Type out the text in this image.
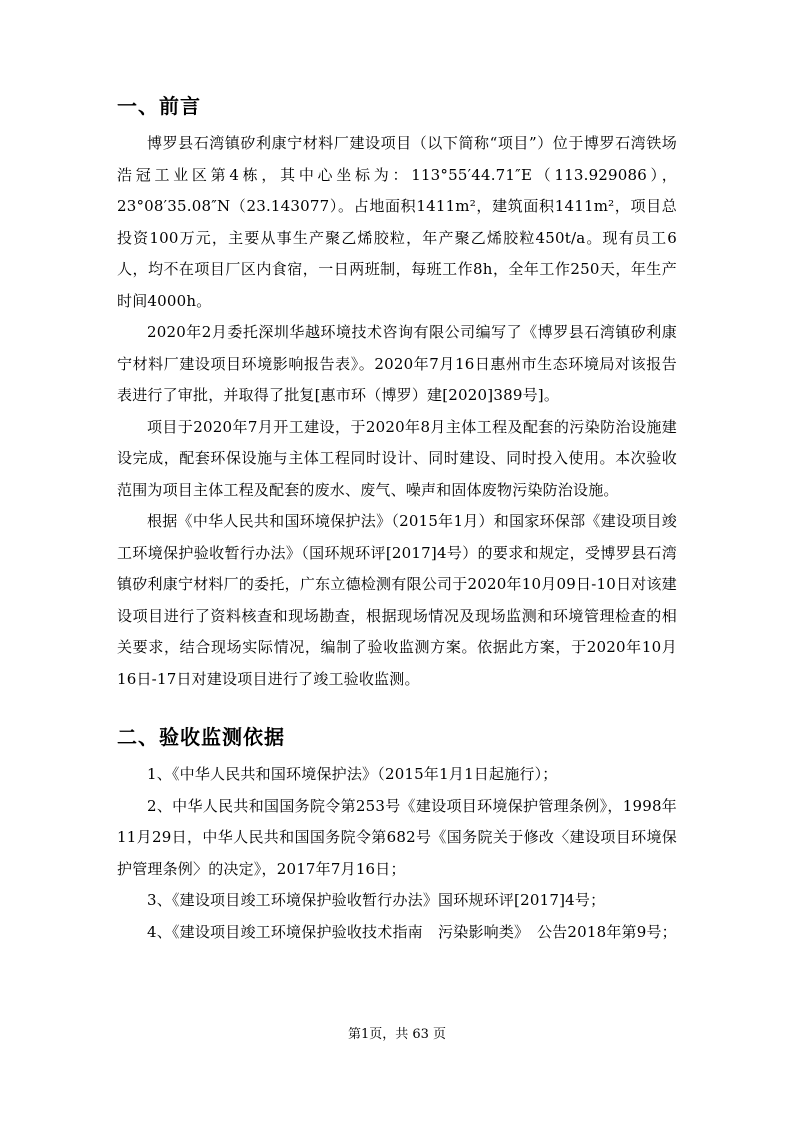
一、前言

博罗县石湾镇矽利康宁材料厂建设项目（以下简称“项目”）位于博罗石湾铁场浩冠工业区第4栋，其中心坐标为：113°55′44.71″E（113.929086），23°08′35.08″N（23.143077）。占地面积1411m²，建筑面积1411m²，项目总投资100万元，主要从事生产聚乙烯胶粒，年产聚乙烯胶粒450t/a。现有员工6人，均不在项目厂区内食宿，一日两班制，每班工作8h，全年工作250天，年生产时间4000h。

2020年2月委托深圳华越环境技术咨询有限公司编写了《博罗县石湾镇矽利康宁材料厂建设项目环境影响报告表》。2020年7月16日惠州市生态环境局对该报告表进行了审批，并取得了批复[惠市环（博罗）建[2020]389号]。

项目于2020年7月开工建设，于2020年8月主体工程及配套的污染防治设施建设完成，配套环保设施与主体工程同时设计、同时建设、同时投入使用。本次验收范围为项目主体工程及配套的废水、废气、噪声和固体废物污染防治设施。

根据《中华人民共和国环境保护法》（2015年1月）和国家环保部《建设项目竣工环境保护验收暂行办法》（国环规环评[2017]4号）的要求和规定，受博罗县石湾镇矽利康宁材料厂的委托，广东立德检测有限公司于2020年10月09日-10日对该建设项目进行了资料核查和现场勘查，根据现场情况及现场监测和环境管理检查的相关要求，结合现场实际情况，编制了验收监测方案。依据此方案，于2020年10月16日-17日对建设项目进行了竣工验收监测。

二、验收监测依据

1、《中华人民共和国环境保护法》（2015年1月1日起施行）；

2、中华人民共和国国务院令第253号《建设项目环境保护管理条例》，1998年11月29日，中华人民共和国国务院令第682号《国务院关于修改〈建设项目环境保护管理条例〉的决定》，2017年7月16日；

3、《建设项目竣工环境保护验收暂行办法》国环规环评[2017]4号；

4、《建设项目竣工环境保护验收技术指南　污染影响类》　公告2018年第9号；

第1页，共 63 页
